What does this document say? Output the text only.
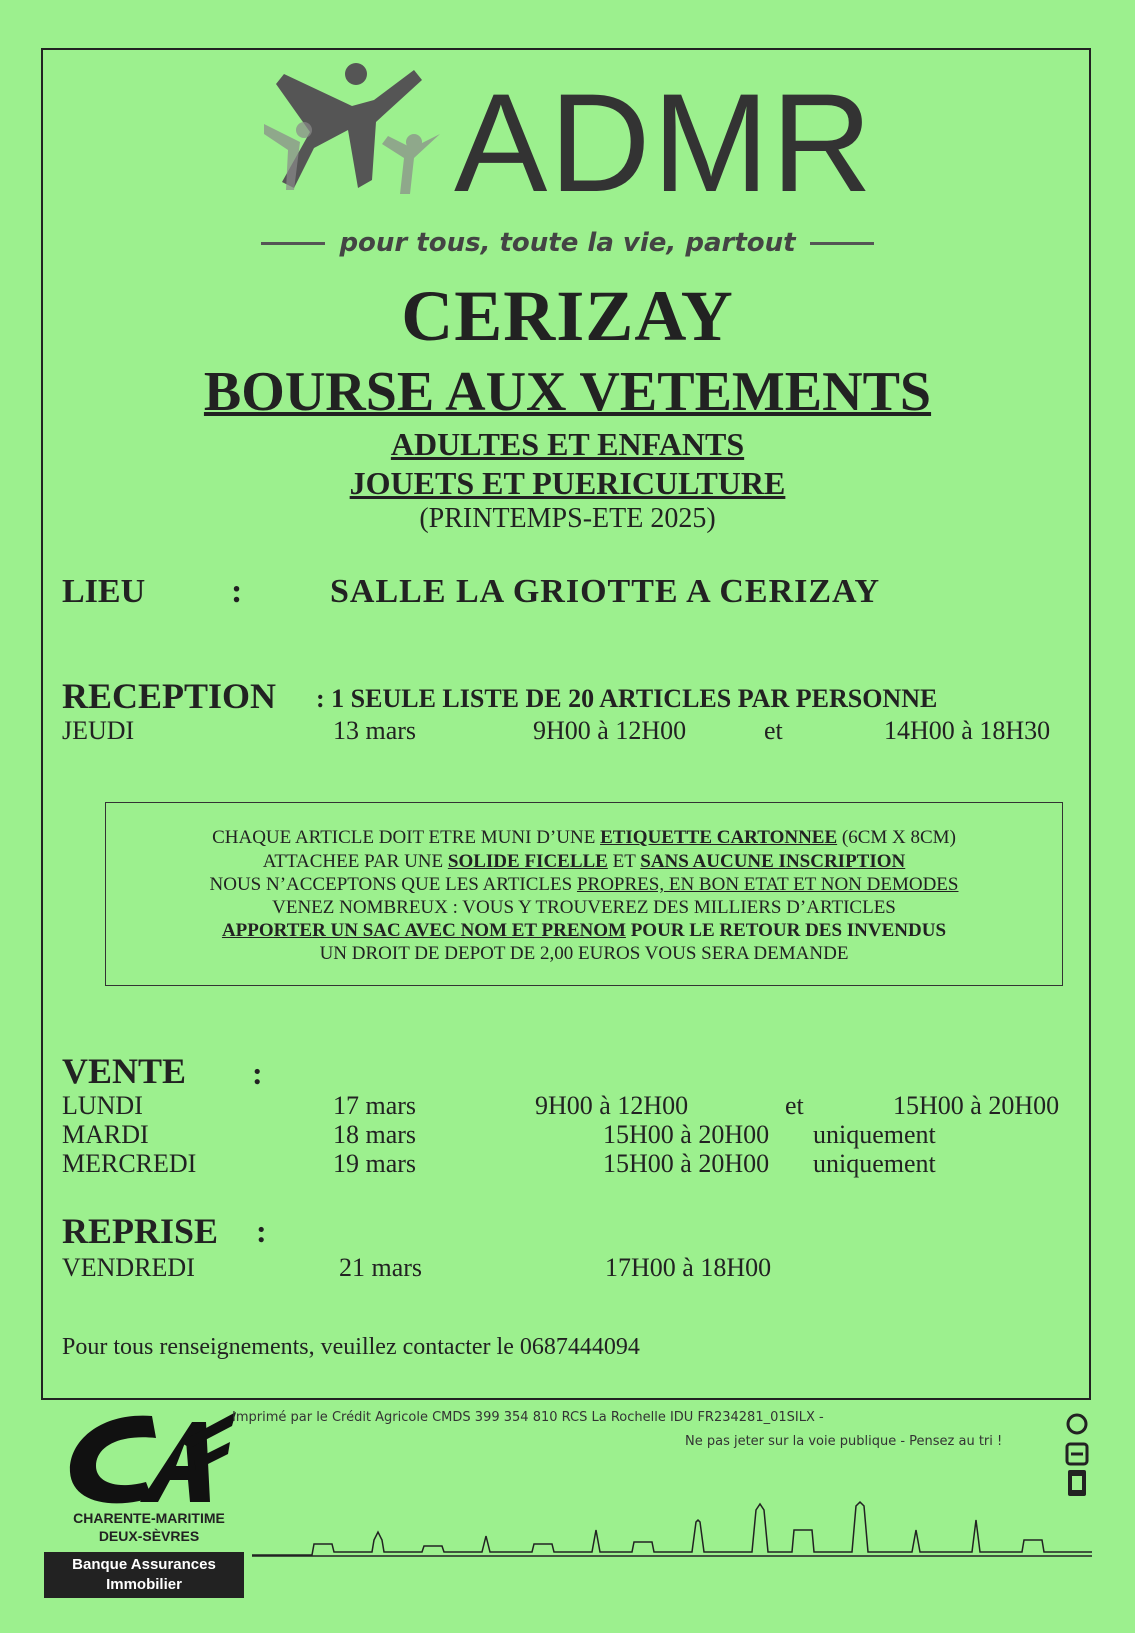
ADMR
pour tous, toute la vie, partout
CERIZAY
BOURSE AUX VETEMENTS
ADULTES ET ENFANTS
JOUETS ET PUERICULTURE
(PRINTEMPS-ETE 2025)
LIEU	:	SALLE LA GRIOTTE A CERIZAY
RECEPTION : 1 SEULE LISTE DE 20 ARTICLES PAR PERSONNE
JEUDI	13 mars	9H00 à 12H00	et	14H00 à 18H30
CHAQUE ARTICLE DOIT ETRE MUNI D’UNE ETIQUETTE CARTONNEE (6CM X 8CM)
ATTACHEE PAR UNE SOLIDE FICELLE ET SANS AUCUNE INSCRIPTION
NOUS N’ACCEPTONS QUE LES ARTICLES PROPRES, EN BON ETAT ET NON DEMODES
VENEZ NOMBREUX : VOUS Y TROUVEREZ DES MILLIERS D’ARTICLES
APPORTER UN SAC AVEC NOM ET PRENOM POUR LE RETOUR DES INVENDUS
UN DROIT DE DEPOT DE 2,00 EUROS VOUS SERA DEMANDE
VENTE :
LUNDI	17 mars	9H00 à 12H00	et	15H00 à 20H00
MARDI	18 mars	15H00 à 20H00 uniquement
MERCREDI	19 mars	15H00 à 20H00 uniquement
REPRISE :
VENDREDI	21 mars	17H00 à 18H00
Pour tous renseignements, veuillez contacter le 0687444094
CHARENTE-MARITIME
DEUX-SÈVRES
Banque Assurances
Immobilier
Imprimé par le Crédit Agricole CMDS 399 354 810 RCS La Rochelle IDU FR234281_01SILX -
Ne pas jeter sur la voie publique - Pensez au tri !
